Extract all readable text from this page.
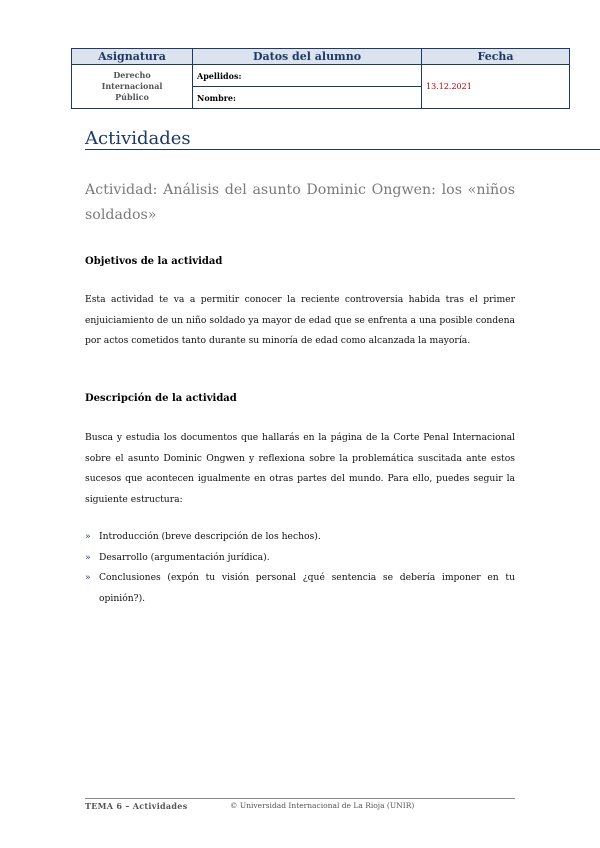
Asignatura	Datos del alumno	Fecha

Derecho
Internacional
Público	Apellidos:	13.12.2021
	Nombre:	
Actividades
Actividad: Análisis del asunto Dominic Ongwen: los «niños soldados»
Objetivos de la actividad

Esta actividad te va a permitir conocer la reciente controversia habida tras el primer enjuiciamiento de un niño soldado ya mayor de edad que se enfrenta a una posible condena por actos cometidos tanto durante su minoría de edad como alcanzada la mayoría.

Descripción de la actividad

Busca y estudia los documentos que hallarás en la página de la Corte Penal Internacional sobre el asunto Dominic Ongwen y reflexiona sobre la problemática suscitada ante estos sucesos que acontecen igualmente en otras partes del mundo. Para ello, puedes seguir la siguiente estructura:

» Introducción (breve descripción de los hechos).
» Desarrollo (argumentación jurídica).
» Conclusiones (expón tu visión personal ¿qué sentencia se debería imponer en tu opinión?).

TEMA 6 – Actividades	© Universidad Internacional de La Rioja (UNIR)
